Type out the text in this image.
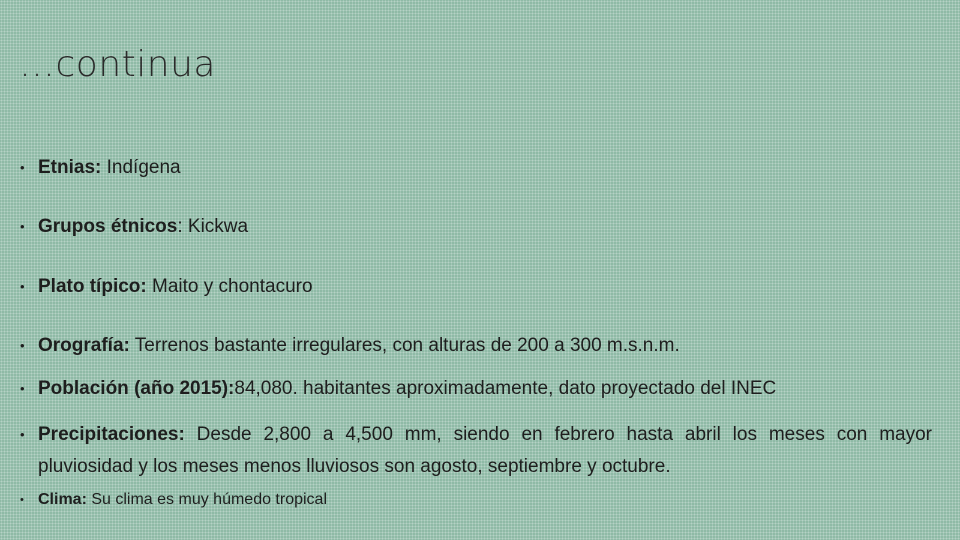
…continua
• Etnias: Indígena
• Grupos étnicos: Kickwa
• Plato típico: Maito y chontacuro
• Orografía: Terrenos bastante irregulares, con alturas de 200 a 300 m.s.n.m.
• Población (año 2015):84,080. habitantes aproximadamente, dato proyectado del INEC
• Precipitaciones: Desde 2,800 a 4,500 mm, siendo en febrero hasta abril los meses con mayor pluviosidad y los meses menos lluviosos son agosto, septiembre y octubre.
• Clima: Su clima es muy húmedo tropical
